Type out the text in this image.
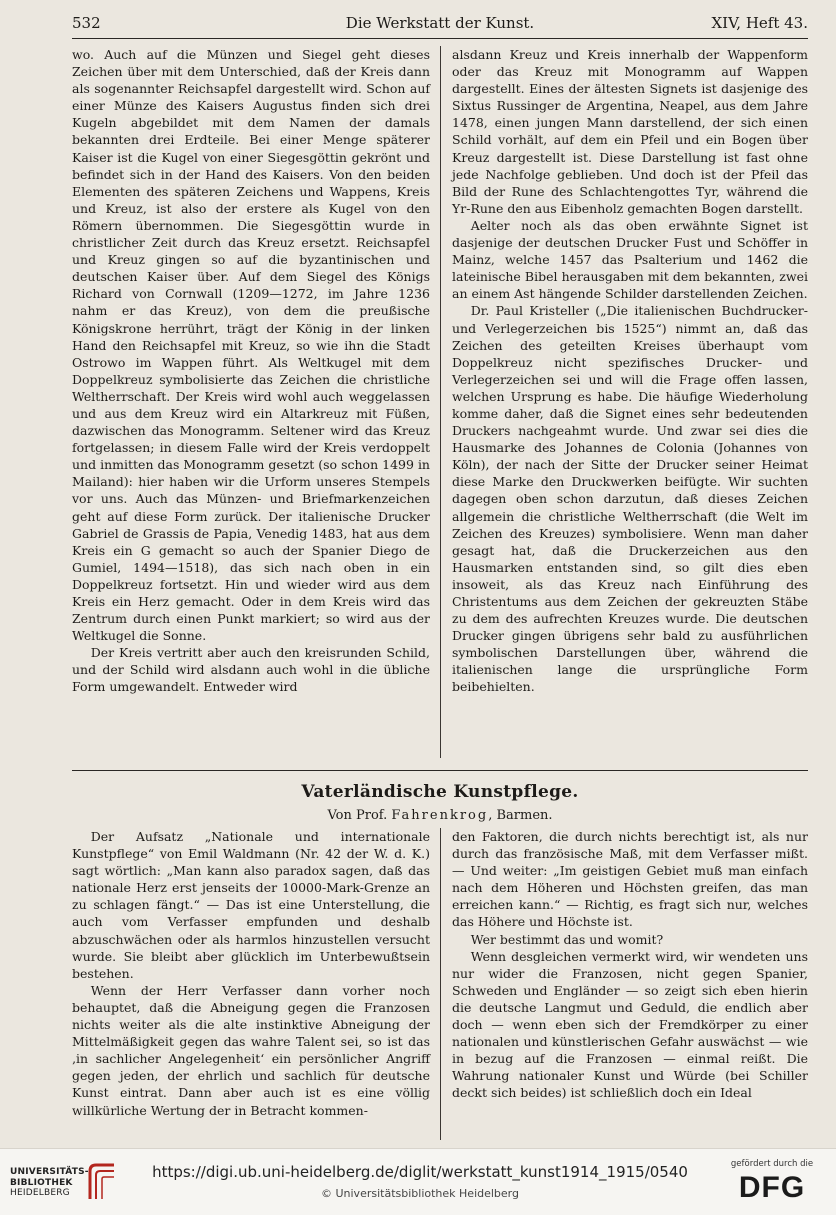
532	Die Werkstatt der Kunst.	XIV, Heft 43.

wo. Auch auf die Münzen und Siegel geht dieses Zeichen über mit dem Unterschied, daß der Kreis dann als sogenannter Reichsapfel dargestellt wird. Schon auf einer Münze des Kaisers Augustus finden sich drei Kugeln abgebildet mit dem Namen der damals bekannten drei Erdteile. Bei einer Menge späterer Kaiser ist die Kugel von einer Siegesgöttin gekrönt und befindet sich in der Hand des Kaisers. Von den beiden Elementen des späteren Zeichens und Wappens, Kreis und Kreuz, ist also der erstere als Kugel von den Römern übernommen. Die Siegesgöttin wurde in christlicher Zeit durch das Kreuz ersetzt. Reichsapfel und Kreuz gingen so auf die byzantinischen und deutschen Kaiser über. Auf dem Siegel des Königs Richard von Cornwall (1209—1272, im Jahre 1236 nahm er das Kreuz), von dem die preußische Königskrone herrührt, trägt der König in der linken Hand den Reichsapfel mit Kreuz, so wie ihn die Stadt Ostrowo im Wappen führt. Als Weltkugel mit dem Doppelkreuz symbolisierte das Zeichen die christliche Weltherrschaft. Der Kreis wird wohl auch weggelassen und aus dem Kreuz wird ein Altarkreuz mit Füßen, dazwischen das Monogramm. Seltener wird das Kreuz fortgelassen; in diesem Falle wird der Kreis verdoppelt und inmitten das Monogramm gesetzt (so schon 1499 in Mailand): hier haben wir die Urform unseres Stempels vor uns. Auch das Münzen- und Briefmarkenzeichen geht auf diese Form zurück. Der italienische Drucker Gabriel de Grassis de Papia, Venedig 1483, hat aus dem Kreis ein G gemacht so auch der Spanier Diego de Gumiel, 1494—1518), das sich nach oben in ein Doppelkreuz fortsetzt. Hin und wieder wird aus dem Kreis ein Herz gemacht. Oder in dem Kreis wird das Zentrum durch einen Punkt markiert; so wird aus der Weltkugel die Sonne.

Der Kreis vertritt aber auch den kreisrunden Schild, und der Schild wird alsdann auch wohl in die übliche Form umgewandelt. Entweder wird

alsdann Kreuz und Kreis innerhalb der Wappenform oder das Kreuz mit Monogramm auf Wappen dargestellt. Eines der ältesten Signets ist dasjenige des Sixtus Russinger de Argentina, Neapel, aus dem Jahre 1478, einen jungen Mann darstellend, der sich einen Schild vorhält, auf dem ein Pfeil und ein Bogen über Kreuz dargestellt ist. Diese Darstellung ist fast ohne jede Nachfolge geblieben. Und doch ist der Pfeil das Bild der Rune des Schlachtengottes Tyr, während die Yr-Rune den aus Eibenholz gemachten Bogen darstellt.

Aelter noch als das oben erwähnte Signet ist dasjenige der deutschen Drucker Fust und Schöffer in Mainz, welche 1457 das Psalterium und 1462 die lateinische Bibel herausgaben mit dem bekannten, zwei an einem Ast hängende Schilder darstellenden Zeichen.

Dr. Paul Kristeller („Die italienischen Buchdrucker- und Verlegerzeichen bis 1525“) nimmt an, daß das Zeichen des geteilten Kreises überhaupt vom Doppelkreuz nicht spezifisches Drucker- und Verlegerzeichen sei und will die Frage offen lassen, welchen Ursprung es habe. Die häufige Wiederholung komme daher, daß die Signet eines sehr bedeutenden Druckers nachgeahmt wurde. Und zwar sei dies die Hausmarke des Johannes de Colonia (Johannes von Köln), der nach der Sitte der Drucker seiner Heimat diese Marke den Druckwerken beifügte. Wir suchten dagegen oben schon darzutun, daß dieses Zeichen allgemein die christliche Weltherrschaft (die Welt im Zeichen des Kreuzes) symbolisiere. Wenn man daher gesagt hat, daß die Druckerzeichen aus den Hausmarken entstanden sind, so gilt dies eben insoweit, als das Kreuz nach Einführung des Christentums aus dem Zeichen der gekreuzten Stäbe zu dem des aufrechten Kreuzes wurde. Die deutschen Drucker gingen übrigens sehr bald zu ausführlichen symbolischen Darstellungen über, während die italienischen lange die ursprüngliche Form beibehielten.

Vaterländische Kunstpflege.
Von Prof. Fahrenkrog, Barmen.

Der Aufsatz „Nationale und internationale Kunstpflege“ von Emil Waldmann (Nr. 42 der W. d. K.) sagt wörtlich: „Man kann also paradox sagen, daß das nationale Herz erst jenseits der 10000-Mark-Grenze an zu schlagen fängt.“ — Das ist eine Unterstellung, die auch vom Verfasser empfunden und deshalb abzuschwächen oder als harmlos hinzustellen versucht wurde. Sie bleibt aber glücklich im Unterbewußtsein bestehen.

Wenn der Herr Verfasser dann vorher noch behauptet, daß die Abneigung gegen die Franzosen nichts weiter als die alte instinktive Abneigung der Mittelmäßigkeit gegen das wahre Talent sei, so ist das ‚in sachlicher Angelegenheit‘ ein persönlicher Angriff gegen jeden, der ehrlich und sachlich für deutsche Kunst eintrat. Dann aber auch ist es eine völlig willkürliche Wertung der in Betracht kommen-

den Faktoren, die durch nichts berechtigt ist, als nur durch das französische Maß, mit dem Verfasser mißt. — Und weiter: „Im geistigen Gebiet muß man einfach nach dem Höheren und Höchsten greifen, das man erreichen kann.“ — Richtig, es fragt sich nur, welches das Höhere und Höchste ist.

Wer bestimmt das und womit?

Wenn desgleichen vermerkt wird, wir wendeten uns nur wider die Franzosen, nicht gegen Spanier, Schweden und Engländer — so zeigt sich eben hierin die deutsche Langmut und Geduld, die endlich aber doch — wenn eben sich der Fremdkörper zu einer nationalen und künstlerischen Gefahr auswächst — wie in bezug auf die Franzosen — einmal reißt. Die Wahrung nationaler Kunst und Würde (bei Schiller deckt sich beides) ist schließlich doch ein Ideal

UNIVERSITÄTS-
BIBLIOTHEK
HEIDELBERG
https://digi.ub.uni-heidelberg.de/diglit/werkstatt_kunst1914_1915/0540
© Universitätsbibliothek Heidelberg
gefördert durch die
DFG
